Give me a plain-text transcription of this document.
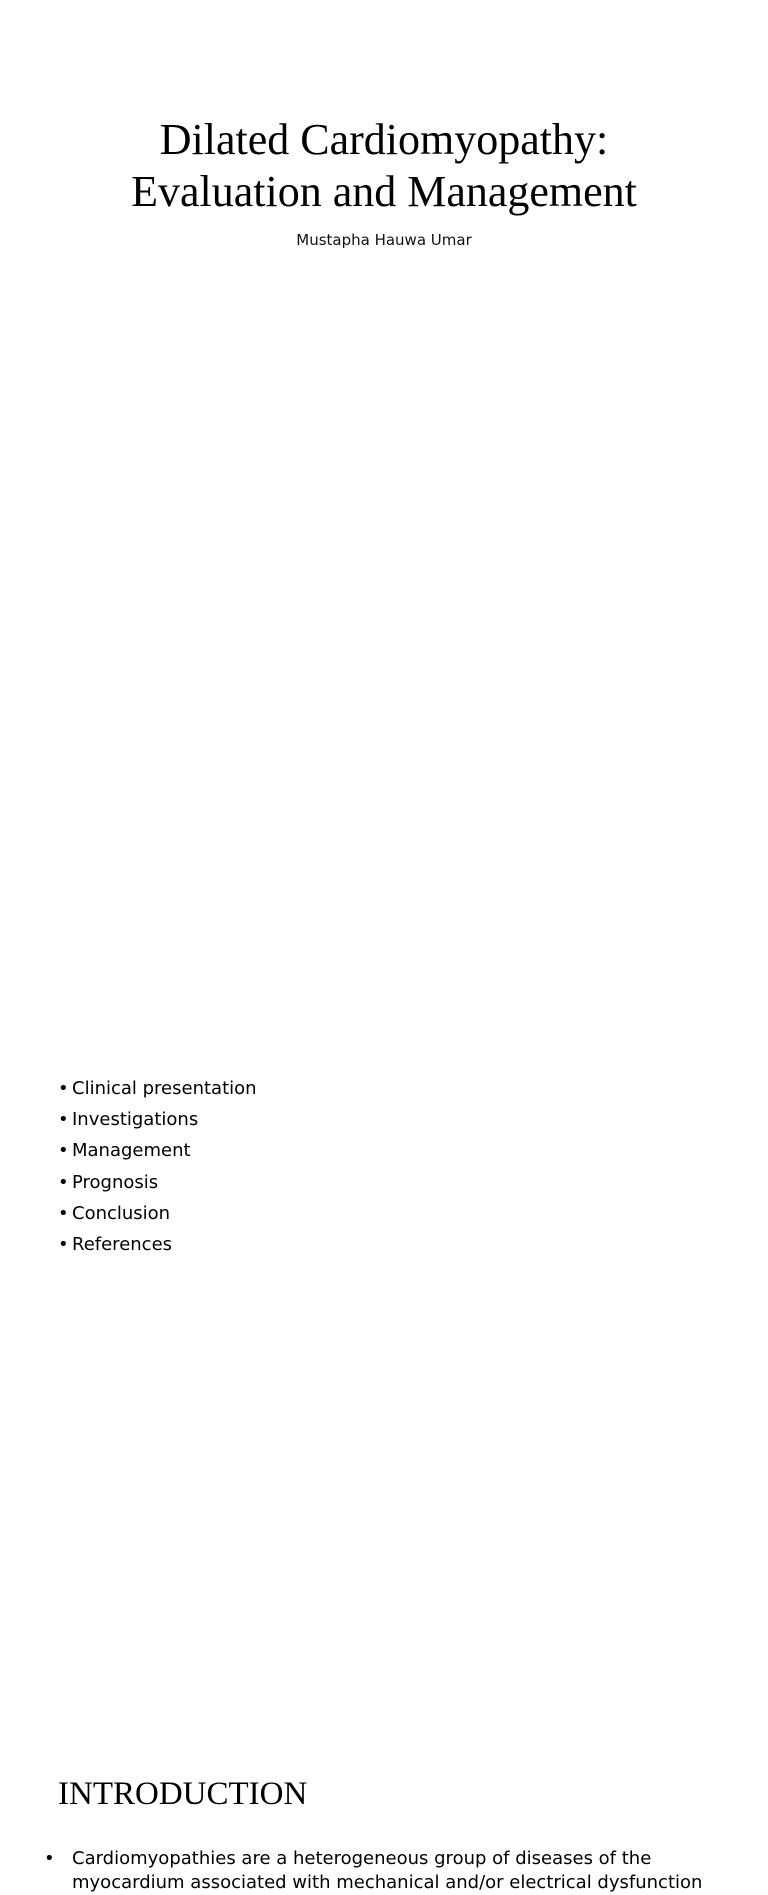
Dilated Cardiomyopathy:
Evaluation and Management
Mustapha Hauwa Umar
• Clinical presentation
• Investigations
• Management
• Prognosis
• Conclusion
• References
INTRODUCTION
• Cardiomyopathies are a heterogeneous group of diseases of the myocardium associated with mechanical and/or electrical dysfunction
